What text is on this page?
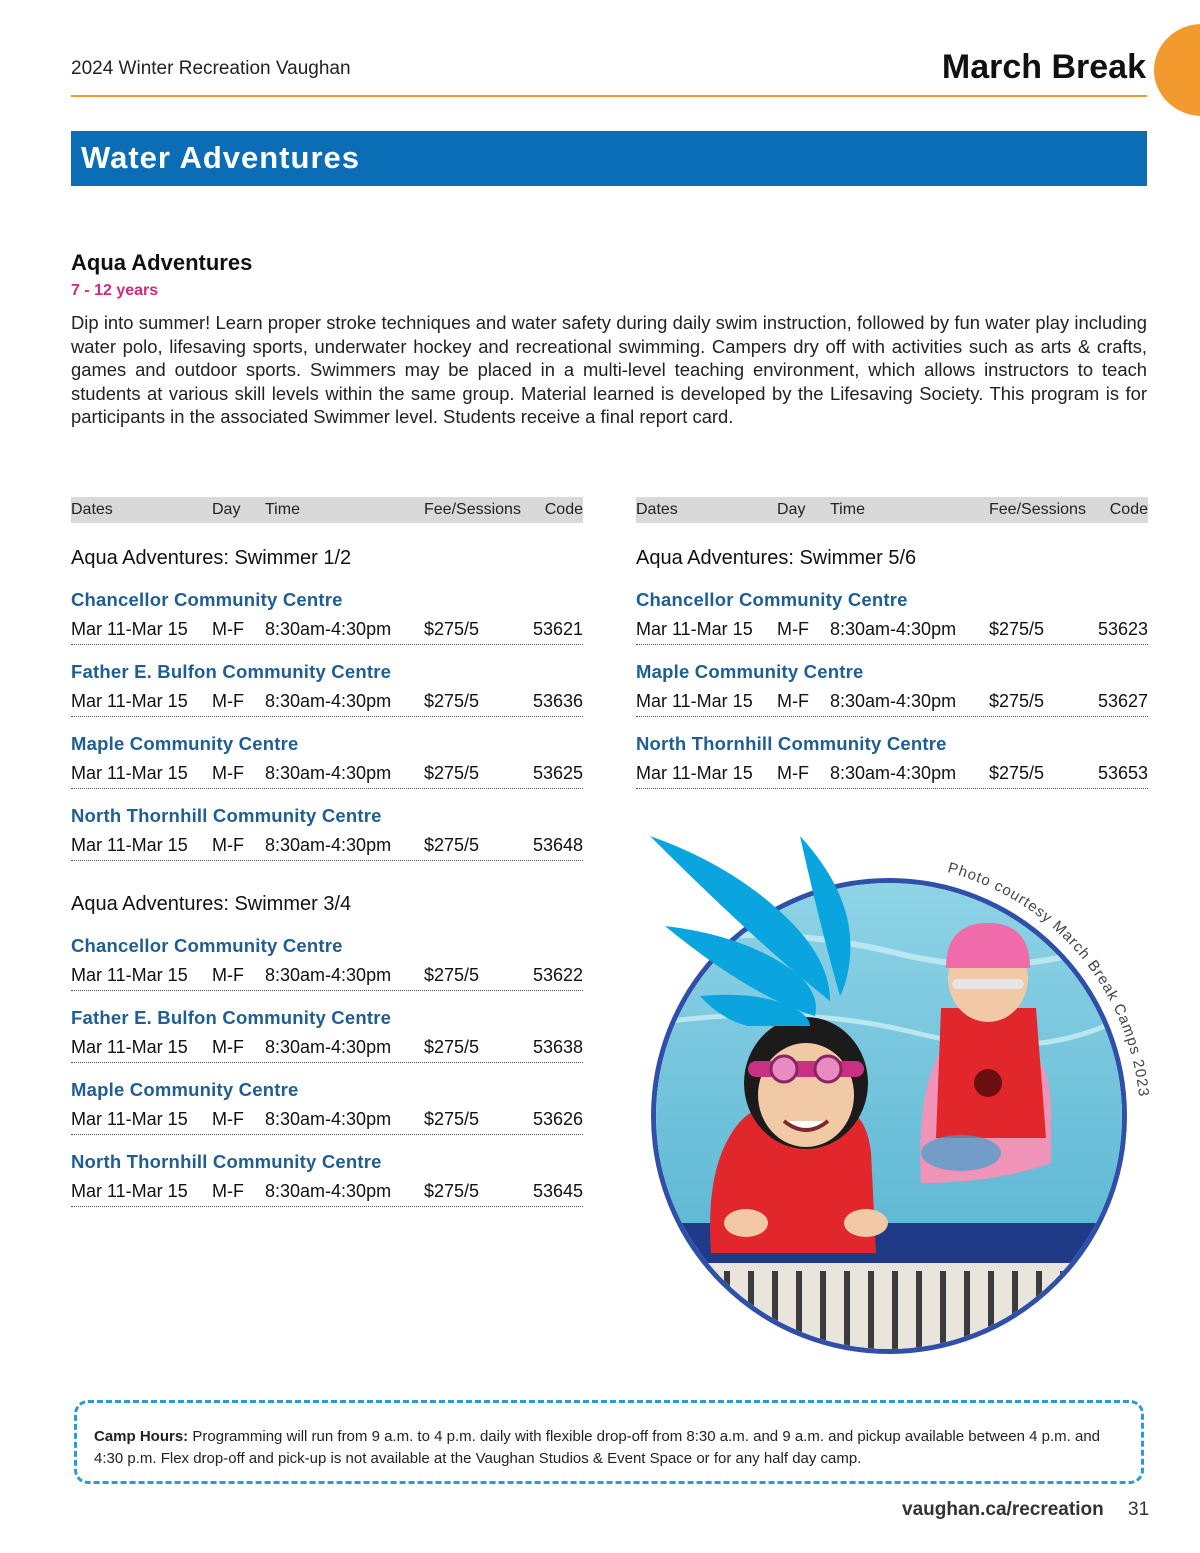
2024 Winter Recreation Vaughan	March Break
Water Adventures
Aqua Adventures
7 - 12 years
Dip into summer! Learn proper stroke techniques and water safety during daily swim instruction, followed by fun water play including water polo, lifesaving sports, underwater hockey and recreational swimming. Campers dry off with activities such as arts & crafts, games and outdoor sports. Swimmers may be placed in a multi-level teaching environment, which allows instructors to teach students at various skill levels within the same group. Material learned is developed by the Lifesaving Society. This program is for participants in the associated Swimmer level. Students receive a final report card.
Dates	Day Time	Fee/Sessions Code
Aqua Adventures: Swimmer 1/2
Chancellor Community Centre
Mar 11-Mar 15 M-F 8:30am-4:30pm $275/5	53621
Father E. Bulfon Community Centre
Mar 11-Mar 15 M-F 8:30am-4:30pm $275/5	53636
Maple Community Centre
Mar 11-Mar 15 M-F 8:30am-4:30pm $275/5	53625
North Thornhill Community Centre
Mar 11-Mar 15 M-F 8:30am-4:30pm $275/5	53648
Aqua Adventures: Swimmer 3/4
Chancellor Community Centre
Mar 11-Mar 15 M-F 8:30am-4:30pm $275/5	53622
Father E. Bulfon Community Centre
Mar 11-Mar 15 M-F 8:30am-4:30pm $275/5	53638
Maple Community Centre
Mar 11-Mar 15 M-F 8:30am-4:30pm $275/5	53626
North Thornhill Community Centre
Mar 11-Mar 15 M-F 8:30am-4:30pm $275/5	53645
Dates	Day Time	Fee/Sessions Code
Aqua Adventures: Swimmer 5/6
Chancellor Community Centre
Mar 11-Mar 15 M-F 8:30am-4:30pm $275/5	53623
Maple Community Centre
Mar 11-Mar 15 M-F 8:30am-4:30pm $275/5	53627
North Thornhill Community Centre
Mar 11-Mar 15 M-F 8:30am-4:30pm $275/5	53653
Photo courtesy March Break Camps 2023

Camp Hours: Programming will run from 9 a.m. to 4 p.m. daily with flexible drop-off from 8:30 a.m. and 9 a.m. and pickup available between 4 p.m. and 4:30 p.m. Flex drop-off and pick-up is not available at the Vaughan Studios & Event Space or for any half day camp.

vaughan.ca/recreation 31
